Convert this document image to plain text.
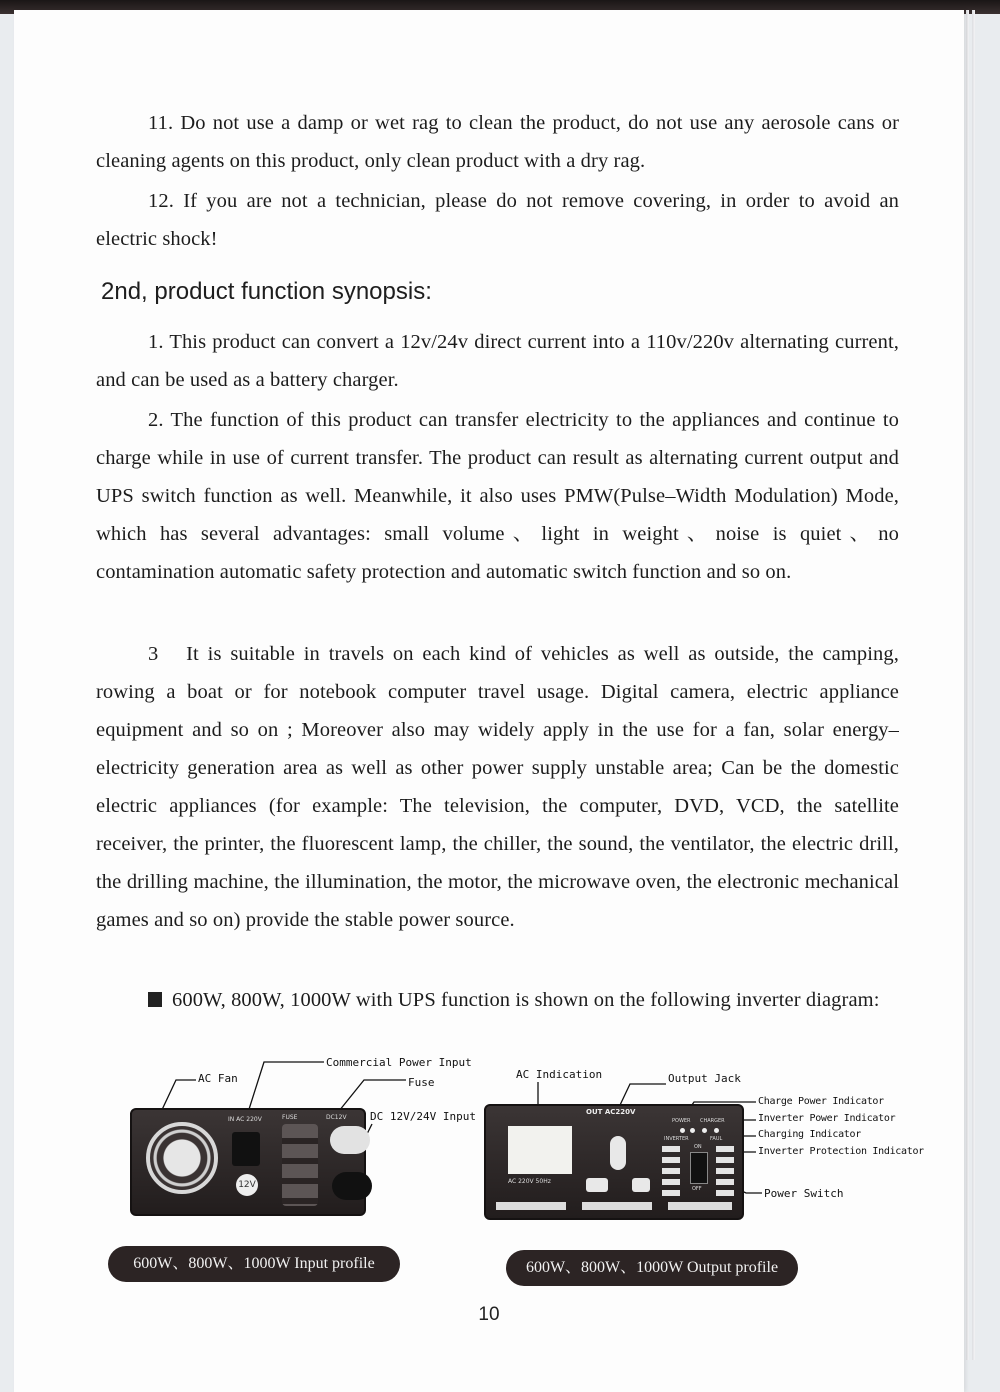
11. Do not use a damp or wet rag to clean the product, do not use any aerosole cans or cleaning agents on this product, only clean product with a dry rag.
12. If you are not a technician, please do not remove covering, in order to avoid an electric shock!
2nd, product function synopsis:
1. This product can convert a 12v/24v direct current into a 110v/220v alternating current, and can be used as a battery charger.
2. The function of this product can transfer electricity to the appliances and continue to charge while in use of current transfer. The product can result as alternating current output and UPS switch function as well. Meanwhile, it also uses PMW(Pulse–Width Modulation) Mode, which has several advantages: small volume、light in weight、noise is quiet、no contamination automatic safety protection and automatic switch function and so on.
3　It is suitable in travels on each kind of vehicles as well as outside, the camping, rowing a boat or for notebook computer travel usage. Digital camera, electric appliance equipment and so on ; Moreover also may widely apply in the use for a fan, solar energy– electricity generation area as well as other power supply unstable area; Can be the domestic electric appliances (for example: The television, the computer, DVD, VCD, the satellite receiver, the printer, the fluorescent lamp, the chiller, the sound, the ventilator, the electric drill, the drilling machine, the illumination, the motor, the microwave oven, the electronic mechanical games and so on) provide the stable power source.
600W, 800W, 1000W with UPS function is shown on the following inverter diagram:
AC Fan
Commercial Power Input
Fuse
DC 12V/24V Input
IN AC 220V
12V
FUSE	DC12V
600W、800W、1000W Input profile
AC Indication	Output Jack
Charge Power Indicator
Inverter Power Indicator
Charging Indicator
Inverter Protection Indicator
Power Switch
OUT AC220V
AC 220V 50Hz
POWER CHARGER
INVERTER	FAUL
ON
OFF
600W、800W、1000W Output profile
10
